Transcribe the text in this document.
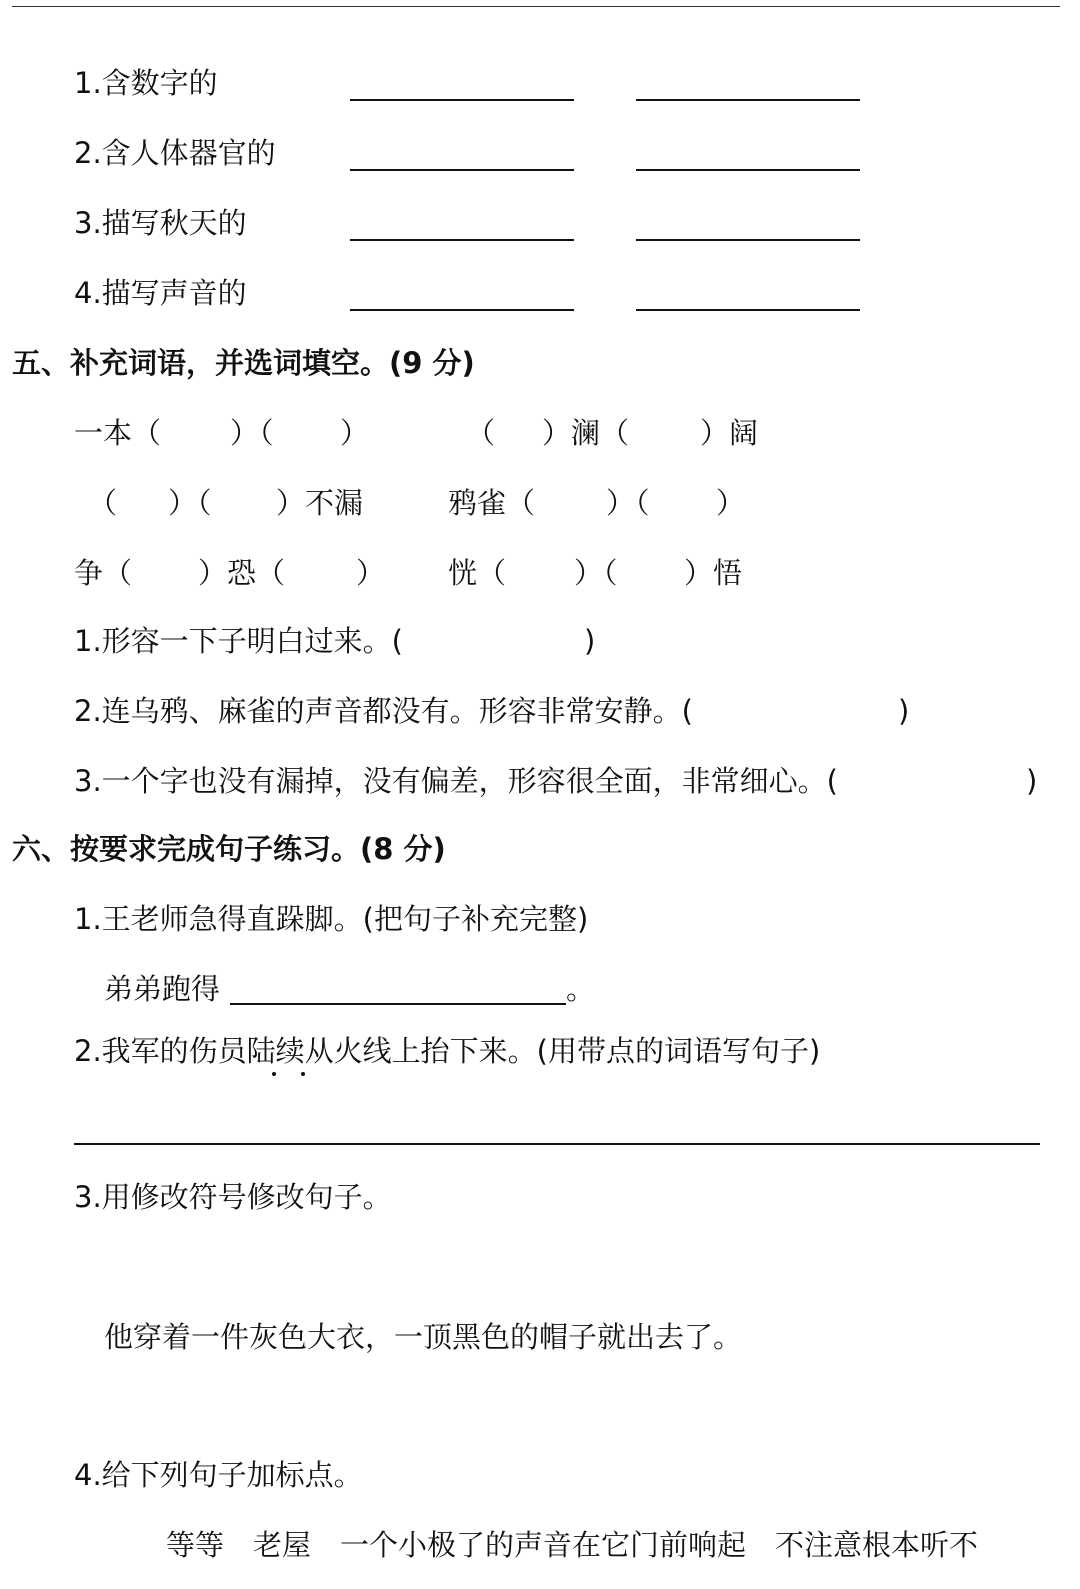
1.含数字的
2.含人体器官的
3.描写秋天的
4.描写声音的
五、补充词语，并选词填空。(9 分)
一本（ ）（ ）	（ ）澜（ ）阔
（ ）（ ）不漏	鸦雀（ ）（ ）
争（ ）恐（ ） 恍（ ）（ ）悟
1.形容一下子明白过来。(	)
2.连乌鸦、麻雀的声音都没有。形容非常安静。(	)
3.一个字也没有漏掉，没有偏差，形容很全面，非常细心。(	)
六、按要求完成句子练习。(8 分)
1.王老师急得直跺脚。(把句子补充完整)
弟弟跑得	。
2.我军的伤员陆续从火线上抬下来。(用带点的词语写句子)
3.用修改符号修改句子。
他穿着一件灰色大衣，一顶黑色的帽子就出去了。
4.给下列句子加标点。
等等　老屋　一个小极了的声音在它门前响起　不注意根本听不
